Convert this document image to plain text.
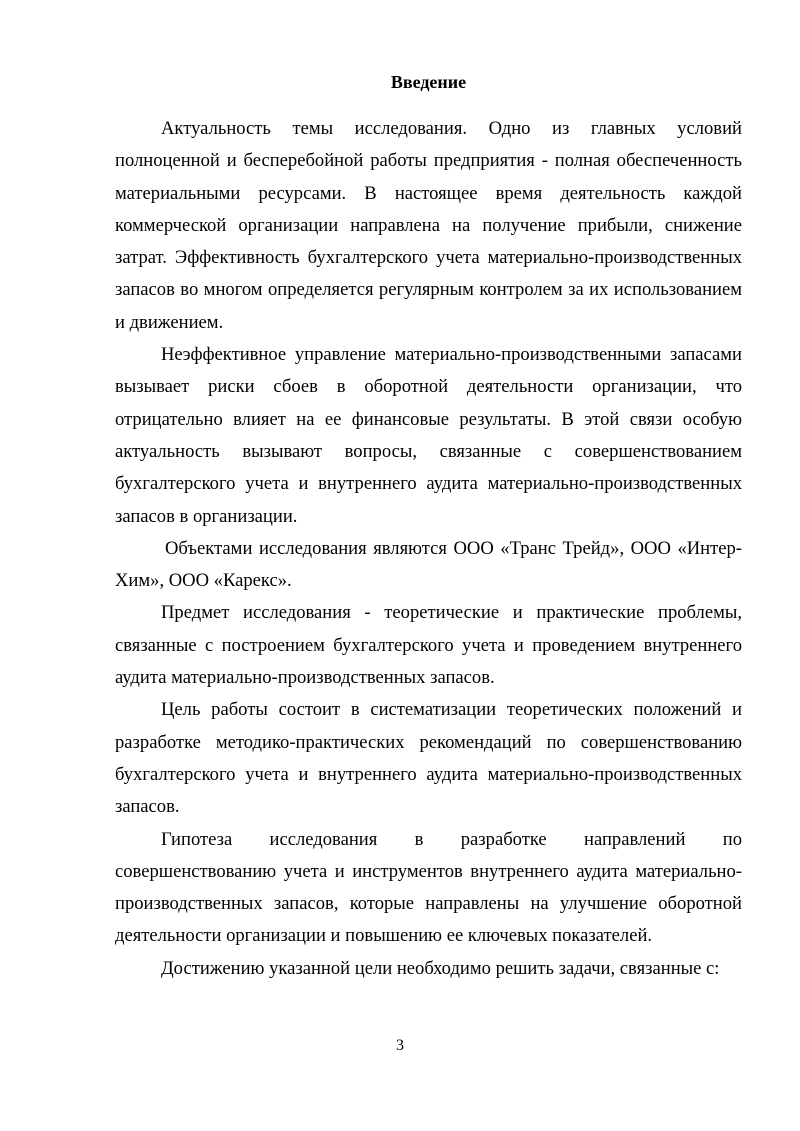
Введение

Актуальность темы исследования. Одно из главных условий полноценной и бесперебойной работы предприятия - полная обеспеченность материальными ресурсами. В настоящее время деятельность каждой коммерческой организации направлена на получение прибыли, снижение затрат. Эффективность бухгалтерского учета материально-производственных запасов во многом определяется регулярным контролем за их использованием и движением.

Неэффективное управление материально-производственными запасами вызывает риски сбоев в оборотной деятельности организации, что отрицательно влияет на ее финансовые результаты. В этой связи особую актуальность вызывают вопросы, связанные с совершенствованием бухгалтерского учета и внутреннего аудита материально-производственных запасов в организации.

Объектами исследования являются ООО «Транс Трейд», ООО «Интер-Хим», ООО «Карекс».

Предмет исследования - теоретические и практические проблемы, связанные с построением бухгалтерского учета и проведением внутреннего аудита материально-производственных запасов.

Цель работы состоит в систематизации теоретических положений и разработке методико-практических рекомендаций по совершенствованию бухгалтерского учета и внутреннего аудита материально-производственных запасов.

Гипотеза исследования в разработке направлений по совершенствованию учета и инструментов внутреннего аудита материально-производственных запасов, которые направлены на улучшение оборотной деятельности организации и повышению ее ключевых показателей.

Достижению указанной цели необходимо решить задачи, связанные с:

3
